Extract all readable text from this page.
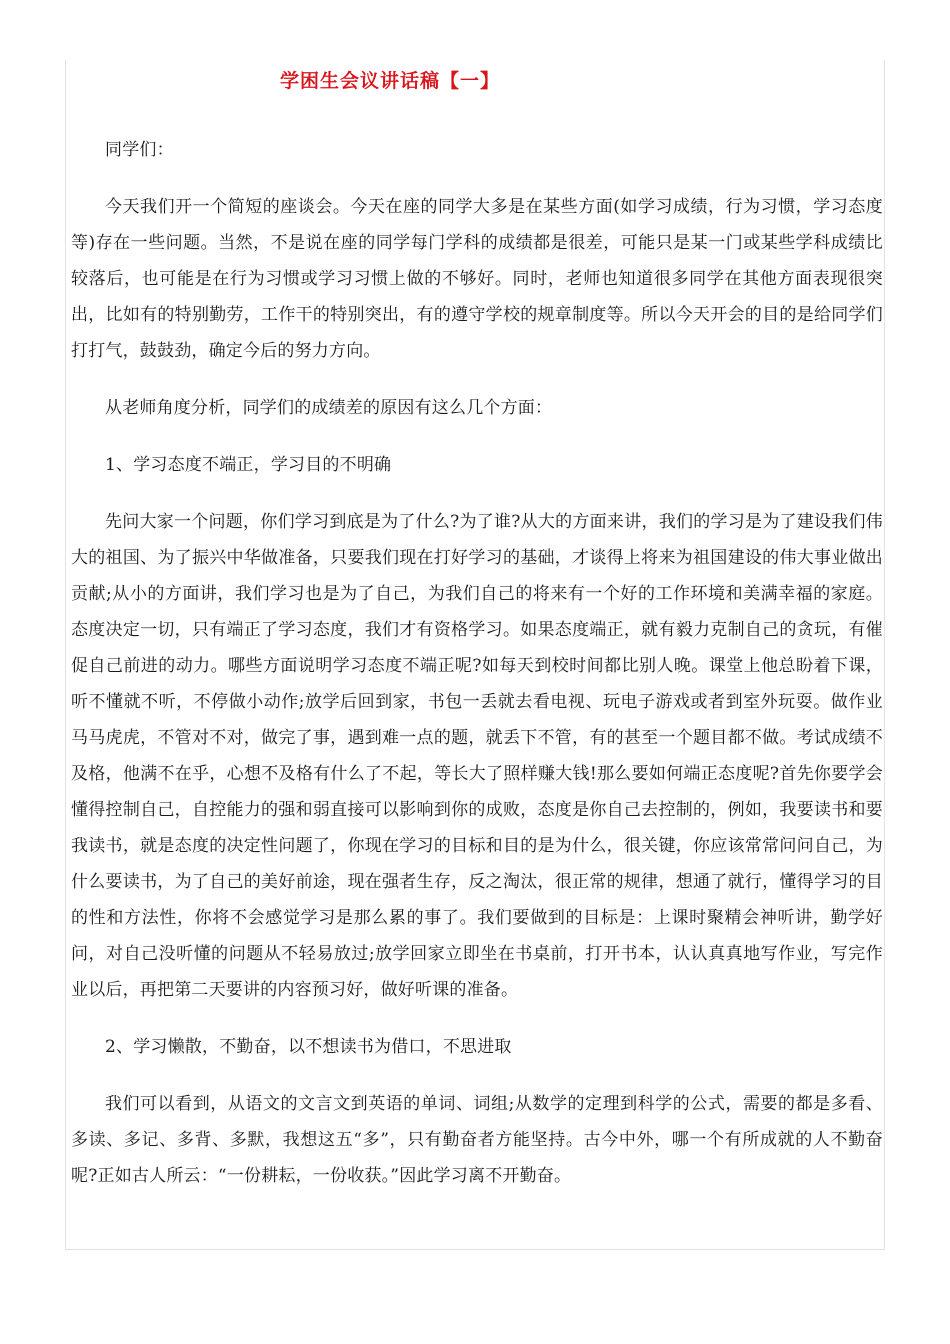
学困生会议讲话稿【一】

同学们：

今天我们开一个简短的座谈会。今天在座的同学大多是在某些方面(如学习成绩，行为习惯，学习态度等)存在一些问题。当然，不是说在座的同学每门学科的成绩都是很差，可能只是某一门或某些学科成绩比较落后，也可能是在行为习惯或学习习惯上做的不够好。同时，老师也知道很多同学在其他方面表现很突出，比如有的特别勤劳，工作干的特别突出，有的遵守学校的规章制度等。所以今天开会的目的是给同学们打打气，鼓鼓劲，确定今后的努力方向。

从老师角度分析，同学们的成绩差的原因有这么几个方面：

1、学习态度不端正，学习目的不明确

先问大家一个问题，你们学习到底是为了什么?为了谁?从大的方面来讲，我们的学习是为了建设我们伟大的祖国、为了振兴中华做准备，只要我们现在打好学习的基础，才谈得上将来为祖国建设的伟大事业做出贡献;从小的方面讲，我们学习也是为了自己，为我们自己的将来有一个好的工作环境和美满幸福的家庭。态度决定一切，只有端正了学习态度，我们才有资格学习。如果态度端正，就有毅力克制自己的贪玩，有催促自己前进的动力。哪些方面说明学习态度不端正呢?如每天到校时间都比别人晚。课堂上他总盼着下课，听不懂就不听，不停做小动作;放学后回到家，书包一丢就去看电视、玩电子游戏或者到室外玩耍。做作业马马虎虎，不管对不对，做完了事，遇到难一点的题，就丢下不管，有的甚至一个题目都不做。考试成绩不及格，他满不在乎，心想不及格有什么了不起，等长大了照样赚大钱!那么要如何端正态度呢?首先你要学会懂得控制自己，自控能力的强和弱直接可以影响到你的成败，态度是你自己去控制的，例如，我要读书和要我读书，就是态度的决定性问题了，你现在学习的目标和目的是为什么，很关键，你应该常常问问自己，为什么要读书，为了自己的美好前途，现在强者生存，反之淘汰，很正常的规律，想通了就行，懂得学习的目的性和方法性，你将不会感觉学习是那么累的事了。我们要做到的目标是：上课时聚精会神听讲，勤学好问，对自己没听懂的问题从不轻易放过;放学回家立即坐在书桌前，打开书本，认认真真地写作业，写完作业以后，再把第二天要讲的内容预习好，做好听课的准备。

2、学习懒散，不勤奋，以不想读书为借口，不思进取

我们可以看到，从语文的文言文到英语的单词、词组;从数学的定理到科学的公式，需要的都是多看、多读、多记、多背、多默，我想这五“多”，只有勤奋者方能坚持。古今中外，哪一个有所成就的人不勤奋呢?正如古人所云：“一份耕耘，一份收获。”因此学习离不开勤奋。
